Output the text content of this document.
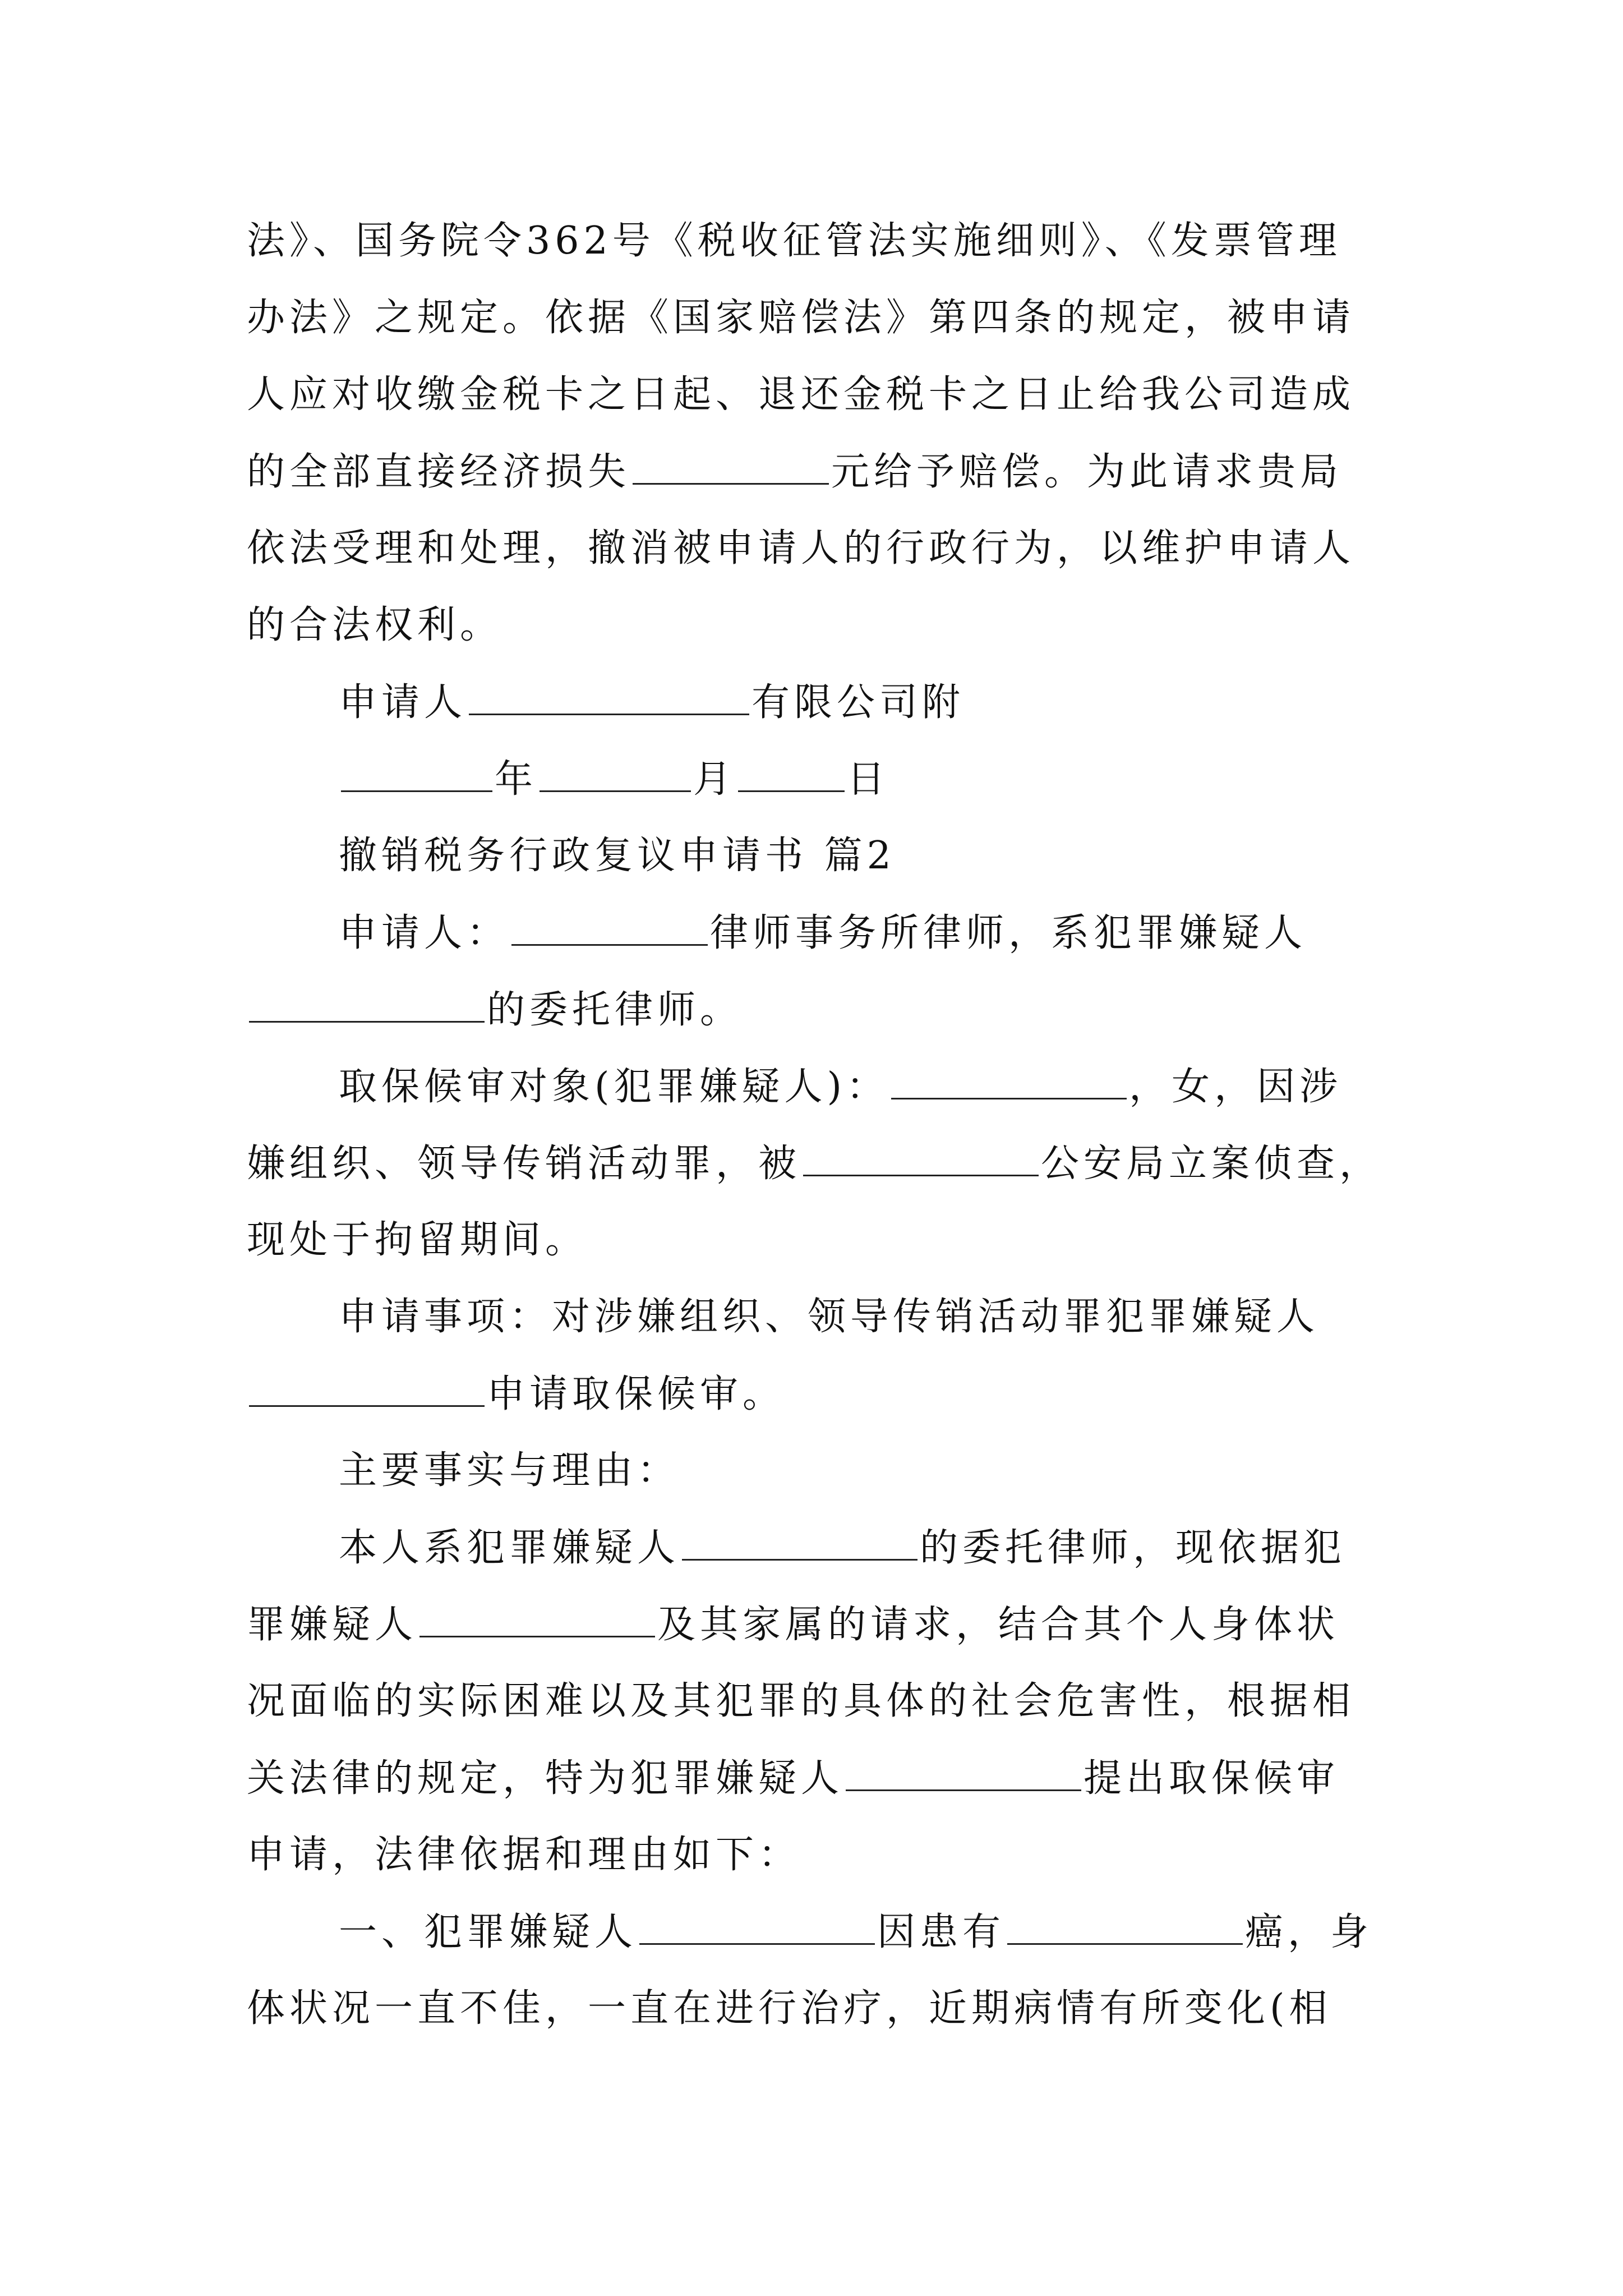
法》、国务院令362号《税收征管法实施细则》、《发票管理
办法》之规定。依据《国家赔偿法》第四条的规定，被申请
人应对收缴金税卡之日起、退还金税卡之日止给我公司造成
的全部直接经济损失	元给予赔偿。为此请求贵局
依法受理和处理，撤消被申请人的行政行为，以维护申请人
的合法权利。
申请人	有限公司附
年	月	日
撤销税务行政复议申请书 篇2
申请人：	律师事务所律师，系犯罪嫌疑人
的委托律师。
取保候审对象(犯罪嫌疑人)：	，女，因涉
嫌组织、领导传销活动罪，被	公安局立案侦查，
现处于拘留期间。
申请事项：对涉嫌组织、领导传销活动罪犯罪嫌疑人
申请取保候审。
主要事实与理由：
本人系犯罪嫌疑人	的委托律师，现依据犯
罪嫌疑人	及其家属的请求，结合其个人身体状
况面临的实际困难以及其犯罪的具体的社会危害性，根据相
关法律的规定，特为犯罪嫌疑人	提出取保候审
申请，法律依据和理由如下：
一、犯罪嫌疑人	因患有	癌，身
体状况一直不佳，一直在进行治疗，近期病情有所变化(相
